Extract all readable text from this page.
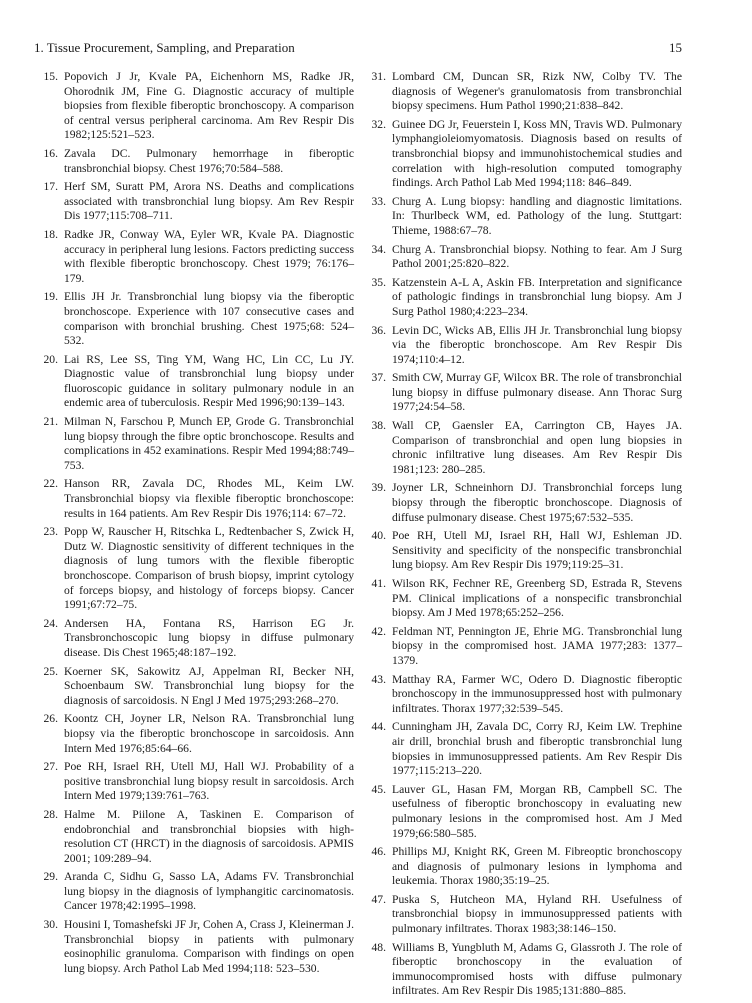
1. Tissue Procurement, Sampling, and Preparation	15
15. Popovich J Jr, Kvale PA, Eichenhorn MS, Radke JR, Ohorodnik JM, Fine G. Diagnostic accuracy of multiple biopsies from flexible fiberoptic bronchoscopy. A comparison of central versus peripheral carcinoma. Am Rev Respir Dis 1982;125:521–523.
16. Zavala DC. Pulmonary hemorrhage in fiberoptic transbronchial biopsy. Chest 1976;70:584–588.
17. Herf SM, Suratt PM, Arora NS. Deaths and complications associated with transbronchial lung biopsy. Am Rev Respir Dis 1977;115:708–711.
18. Radke JR, Conway WA, Eyler WR, Kvale PA. Diagnostic accuracy in peripheral lung lesions. Factors predicting success with flexible fiberoptic bronchoscopy. Chest 1979; 76:176–179.
19. Ellis JH Jr. Transbronchial lung biopsy via the fiberoptic bronchoscope. Experience with 107 consecutive cases and comparison with bronchial brushing. Chest 1975;68: 524–532.
20. Lai RS, Lee SS, Ting YM, Wang HC, Lin CC, Lu JY. Diagnostic value of transbronchial lung biopsy under fluoroscopic guidance in solitary pulmonary nodule in an endemic area of tuberculosis. Respir Med 1996;90:139–143.
21. Milman N, Farschou P, Munch EP, Grode G. Transbronchial lung biopsy through the fibre optic bronchoscope. Results and complications in 452 examinations. Respir Med 1994;88:749–753.
22. Hanson RR, Zavala DC, Rhodes ML, Keim LW. Transbronchial biopsy via flexible fiberoptic bronchoscope: results in 164 patients. Am Rev Respir Dis 1976;114: 67–72.
23. Popp W, Rauscher H, Ritschka L, Redtenbacher S, Zwick H, Dutz W. Diagnostic sensitivity of different techniques in the diagnosis of lung tumors with the flexible fiberoptic bronchoscope. Comparison of brush biopsy, imprint cytology of forceps biopsy, and histology of forceps biopsy. Cancer 1991;67:72–75.
24. Andersen HA, Fontana RS, Harrison EG Jr. Transbronchoscopic lung biopsy in diffuse pulmonary disease. Dis Chest 1965;48:187–192.
25. Koerner SK, Sakowitz AJ, Appelman RI, Becker NH, Schoenbaum SW. Transbronchial lung biopsy for the diagnosis of sarcoidosis. N Engl J Med 1975;293:268–270.
26. Koontz CH, Joyner LR, Nelson RA. Transbronchial lung biopsy via the fiberoptic bronchoscope in sarcoidosis. Ann Intern Med 1976;85:64–66.
27. Poe RH, Israel RH, Utell MJ, Hall WJ. Probability of a positive transbronchial lung biopsy result in sarcoidosis. Arch Intern Med 1979;139:761–763.
28. Halme M. Piilone A, Taskinen E. Comparison of endobronchial and transbronchial biopsies with high-resolution CT (HRCT) in the diagnosis of sarcoidosis. APMIS 2001; 109:289–94.
29. Aranda C, Sidhu G, Sasso LA, Adams FV. Transbronchial lung biopsy in the diagnosis of lymphangitic carcinomatosis. Cancer 1978;42:1995–1998.
30. Housini I, Tomashefski JF Jr, Cohen A, Crass J, Kleinerman J. Transbronchial biopsy in patients with pulmonary eosinophilic granuloma. Comparison with findings on open lung biopsy. Arch Pathol Lab Med 1994;118: 523–530.
31. Lombard CM, Duncan SR, Rizk NW, Colby TV. The diagnosis of Wegener's granulomatosis from transbronchial biopsy specimens. Hum Pathol 1990;21:838–842.
32. Guinee DG Jr, Feuerstein I, Koss MN, Travis WD. Pulmonary lymphangioleiomyomatosis. Diagnosis based on results of transbronchial biopsy and immunohistochemical studies and correlation with high-resolution computed tomography findings. Arch Pathol Lab Med 1994;118: 846–849.
33. Churg A. Lung biopsy: handling and diagnostic limitations. In: Thurlbeck WM, ed. Pathology of the lung. Stuttgart: Thieme, 1988:67–78.
34. Churg A. Transbronchial biopsy. Nothing to fear. Am J Surg Pathol 2001;25:820–822.
35. Katzenstein A-L A, Askin FB. Interpretation and significance of pathologic findings in transbronchial lung biopsy. Am J Surg Pathol 1980;4:223–234.
36. Levin DC, Wicks AB, Ellis JH Jr. Transbronchial lung biopsy via the fiberoptic bronchoscope. Am Rev Respir Dis 1974;110:4–12.
37. Smith CW, Murray GF, Wilcox BR. The role of transbronchial lung biopsy in diffuse pulmonary disease. Ann Thorac Surg 1977;24:54–58.
38. Wall CP, Gaensler EA, Carrington CB, Hayes JA. Comparison of transbronchial and open lung biopsies in chronic infiltrative lung diseases. Am Rev Respir Dis 1981;123: 280–285.
39. Joyner LR, Schneinhorn DJ. Transbronchial forceps lung biopsy through the fiberoptic bronchoscope. Diagnosis of diffuse pulmonary disease. Chest 1975;67:532–535.
40. Poe RH, Utell MJ, Israel RH, Hall WJ, Eshleman JD. Sensitivity and specificity of the nonspecific transbronchial lung biopsy. Am Rev Respir Dis 1979;119:25–31.
41. Wilson RK, Fechner RE, Greenberg SD, Estrada R, Stevens PM. Clinical implications of a nonspecific transbronchial biopsy. Am J Med 1978;65:252–256.
42. Feldman NT, Pennington JE, Ehrie MG. Transbronchial lung biopsy in the compromised host. JAMA 1977;283: 1377–1379.
43. Matthay RA, Farmer WC, Odero D. Diagnostic fiberoptic bronchoscopy in the immunosuppressed host with pulmonary infiltrates. Thorax 1977;32:539–545.
44. Cunningham JH, Zavala DC, Corry RJ, Keim LW. Trephine air drill, bronchial brush and fiberoptic transbronchial lung biopsies in immunosuppressed patients. Am Rev Respir Dis 1977;115:213–220.
45. Lauver GL, Hasan FM, Morgan RB, Campbell SC. The usefulness of fiberoptic bronchoscopy in evaluating new pulmonary lesions in the compromised host. Am J Med 1979;66:580–585.
46. Phillips MJ, Knight RK, Green M. Fibreoptic bronchoscopy and diagnosis of pulmonary lesions in lymphoma and leukemia. Thorax 1980;35:19–25.
47. Puska S, Hutcheon MA, Hyland RH. Usefulness of transbronchial biopsy in immunosuppressed patients with pulmonary infiltrates. Thorax 1983;38:146–150.
48. Williams B, Yungbluth M, Adams G, Glassroth J. The role of fiberoptic bronchoscopy in the evaluation of immunocompromised hosts with diffuse pulmonary infiltrates. Am Rev Respir Dis 1985;131:880–885.
